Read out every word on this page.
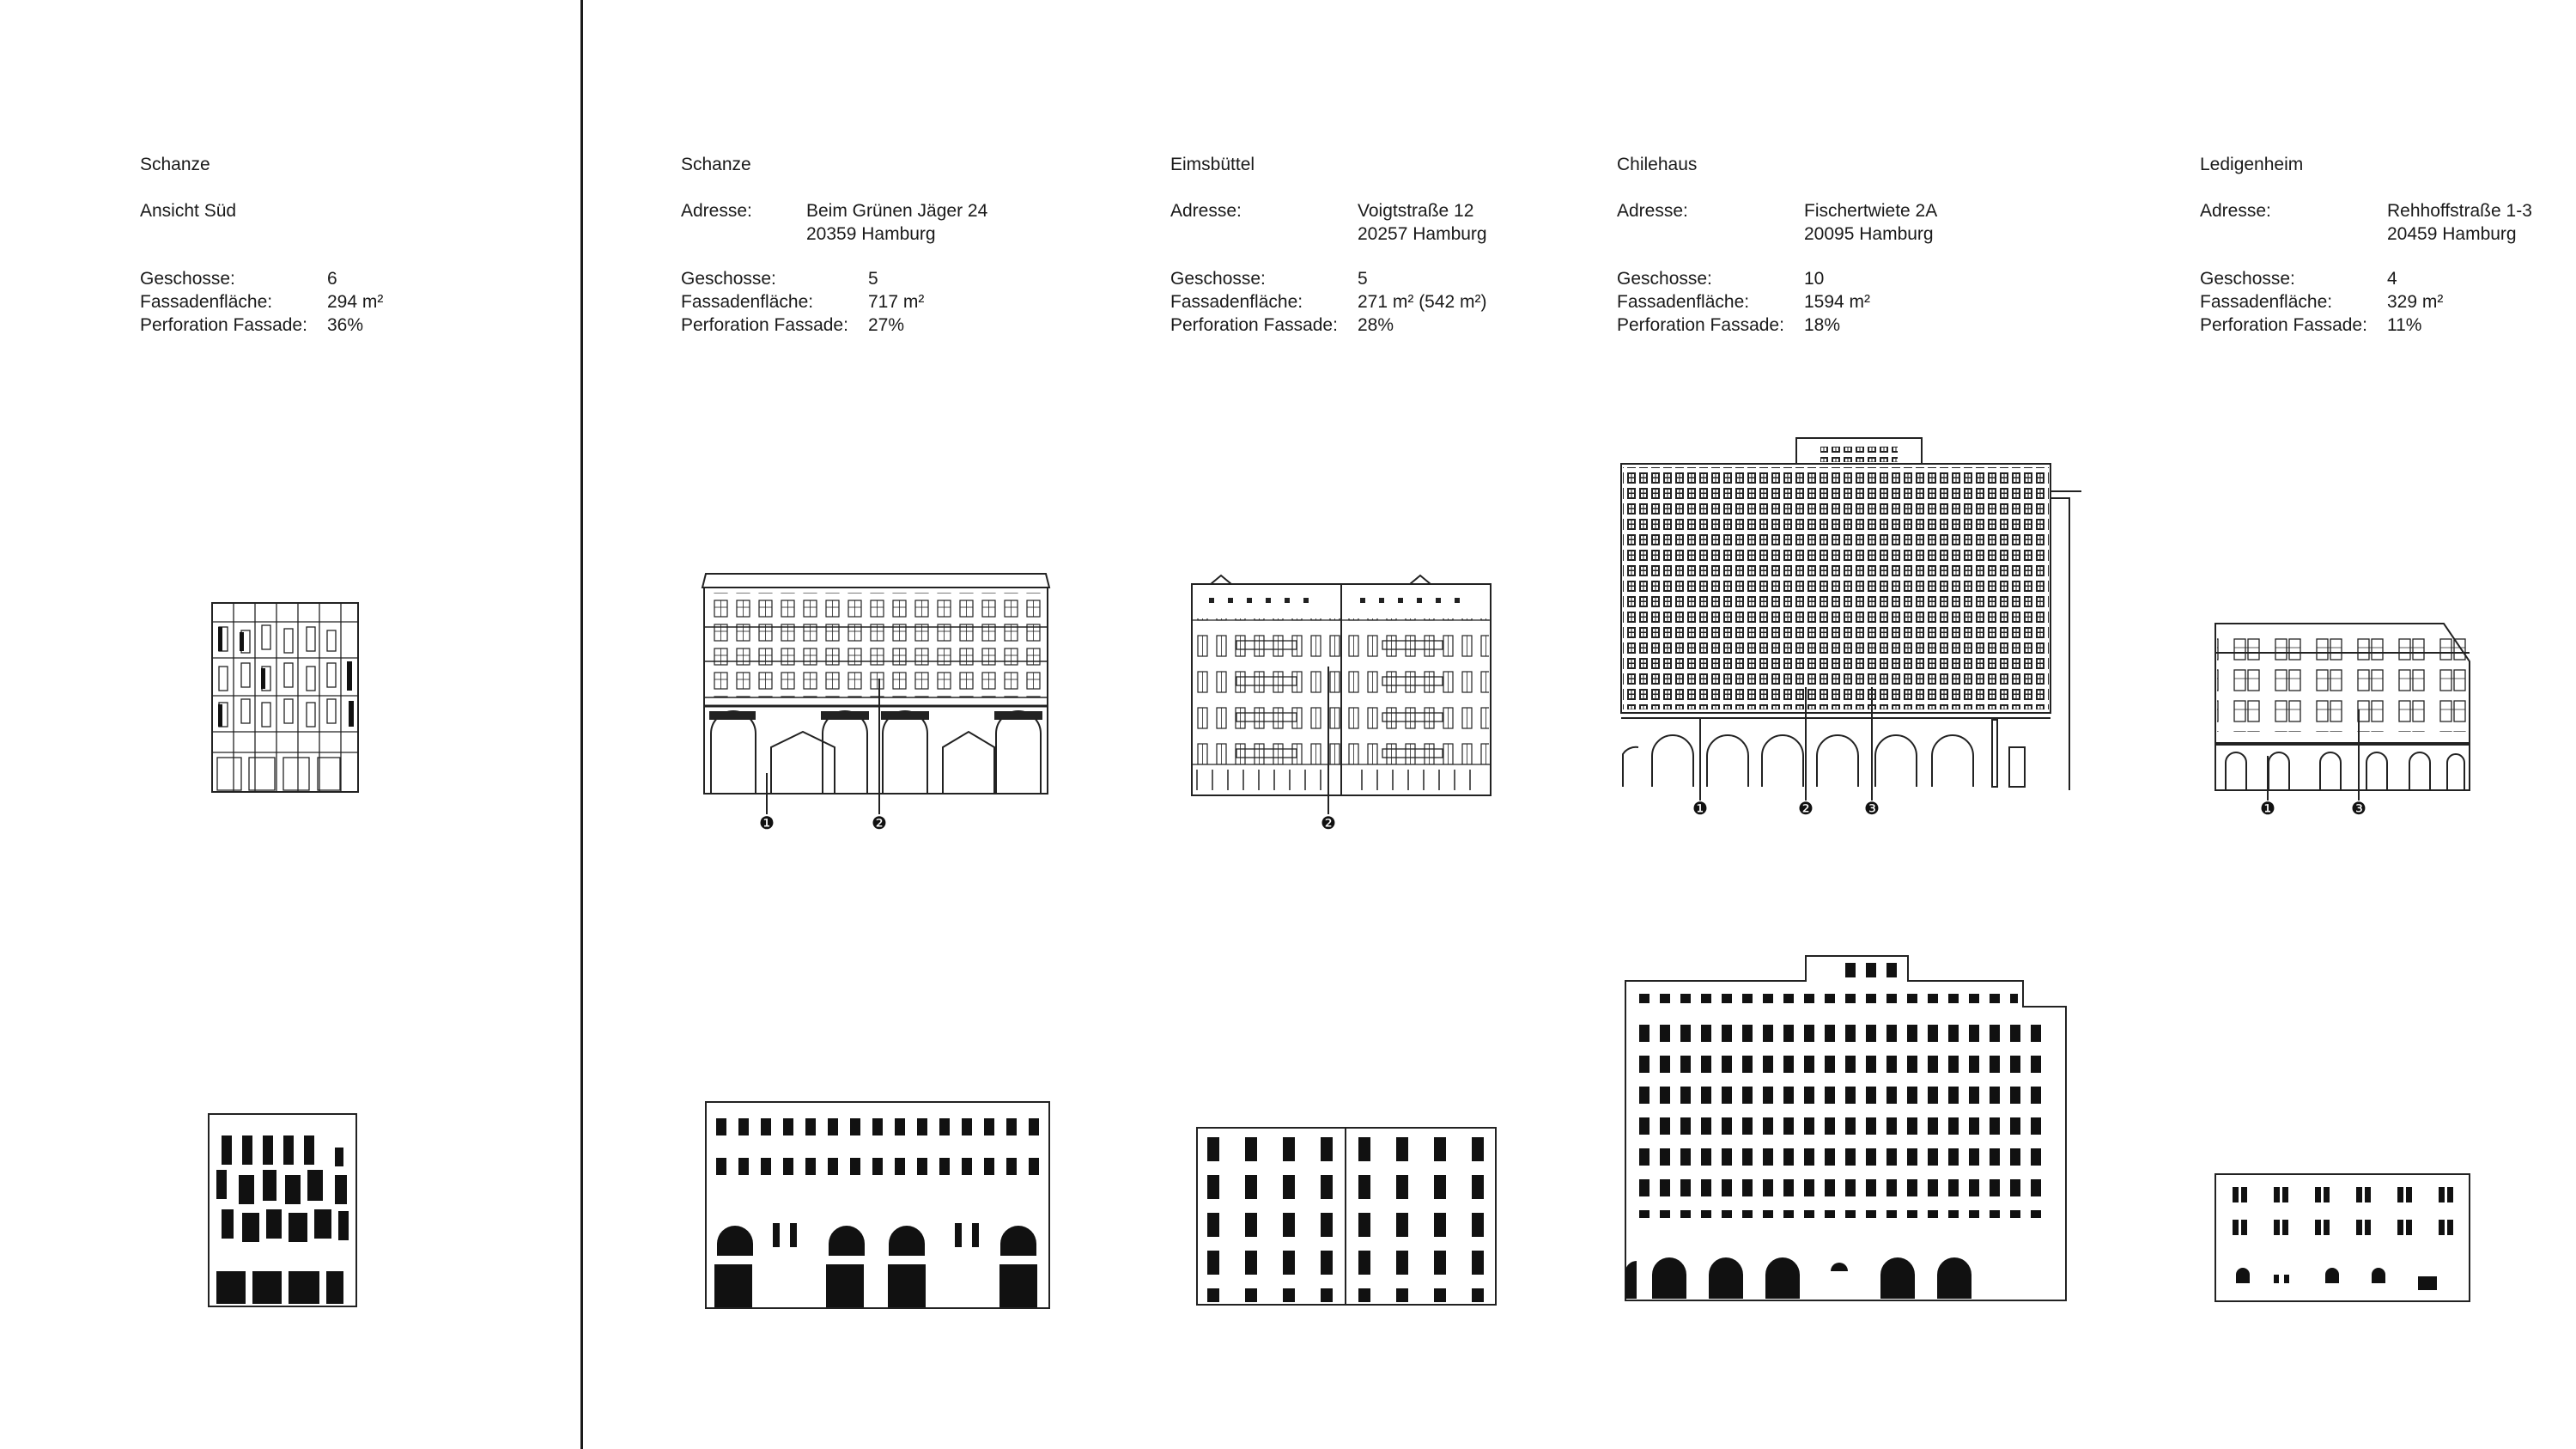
Schanze
Ansicht Süd
Geschosse:	6
Fassadenfläche:	294 m²
Perforation Fassade: 36%
Schanze
Adresse:	Beim Grünen Jäger 24
20359 Hamburg
Geschosse:	5
Fassadenfläche:	717 m²
Perforation Fassade: 27%
Eimsbüttel
Adresse:	Voigtstraße 12
20257 Hamburg
Geschosse:	5
Fassadenfläche:	271 m² (542 m²)
Perforation Fassade: 28%
Chilehaus
Adresse:	Fischertwiete 2A
20095 Hamburg
Geschosse:	10
Fassadenfläche:	1594 m²
Perforation Fassade: 18%
Ledigenheim
Adresse:	Rehhoffstraße 1-3
20459 Hamburg
Geschosse:	4
Fassadenfläche:	329 m²
Perforation Fassade: 11%
❶	❷	❷
❶	❷	❸	❶	❸
